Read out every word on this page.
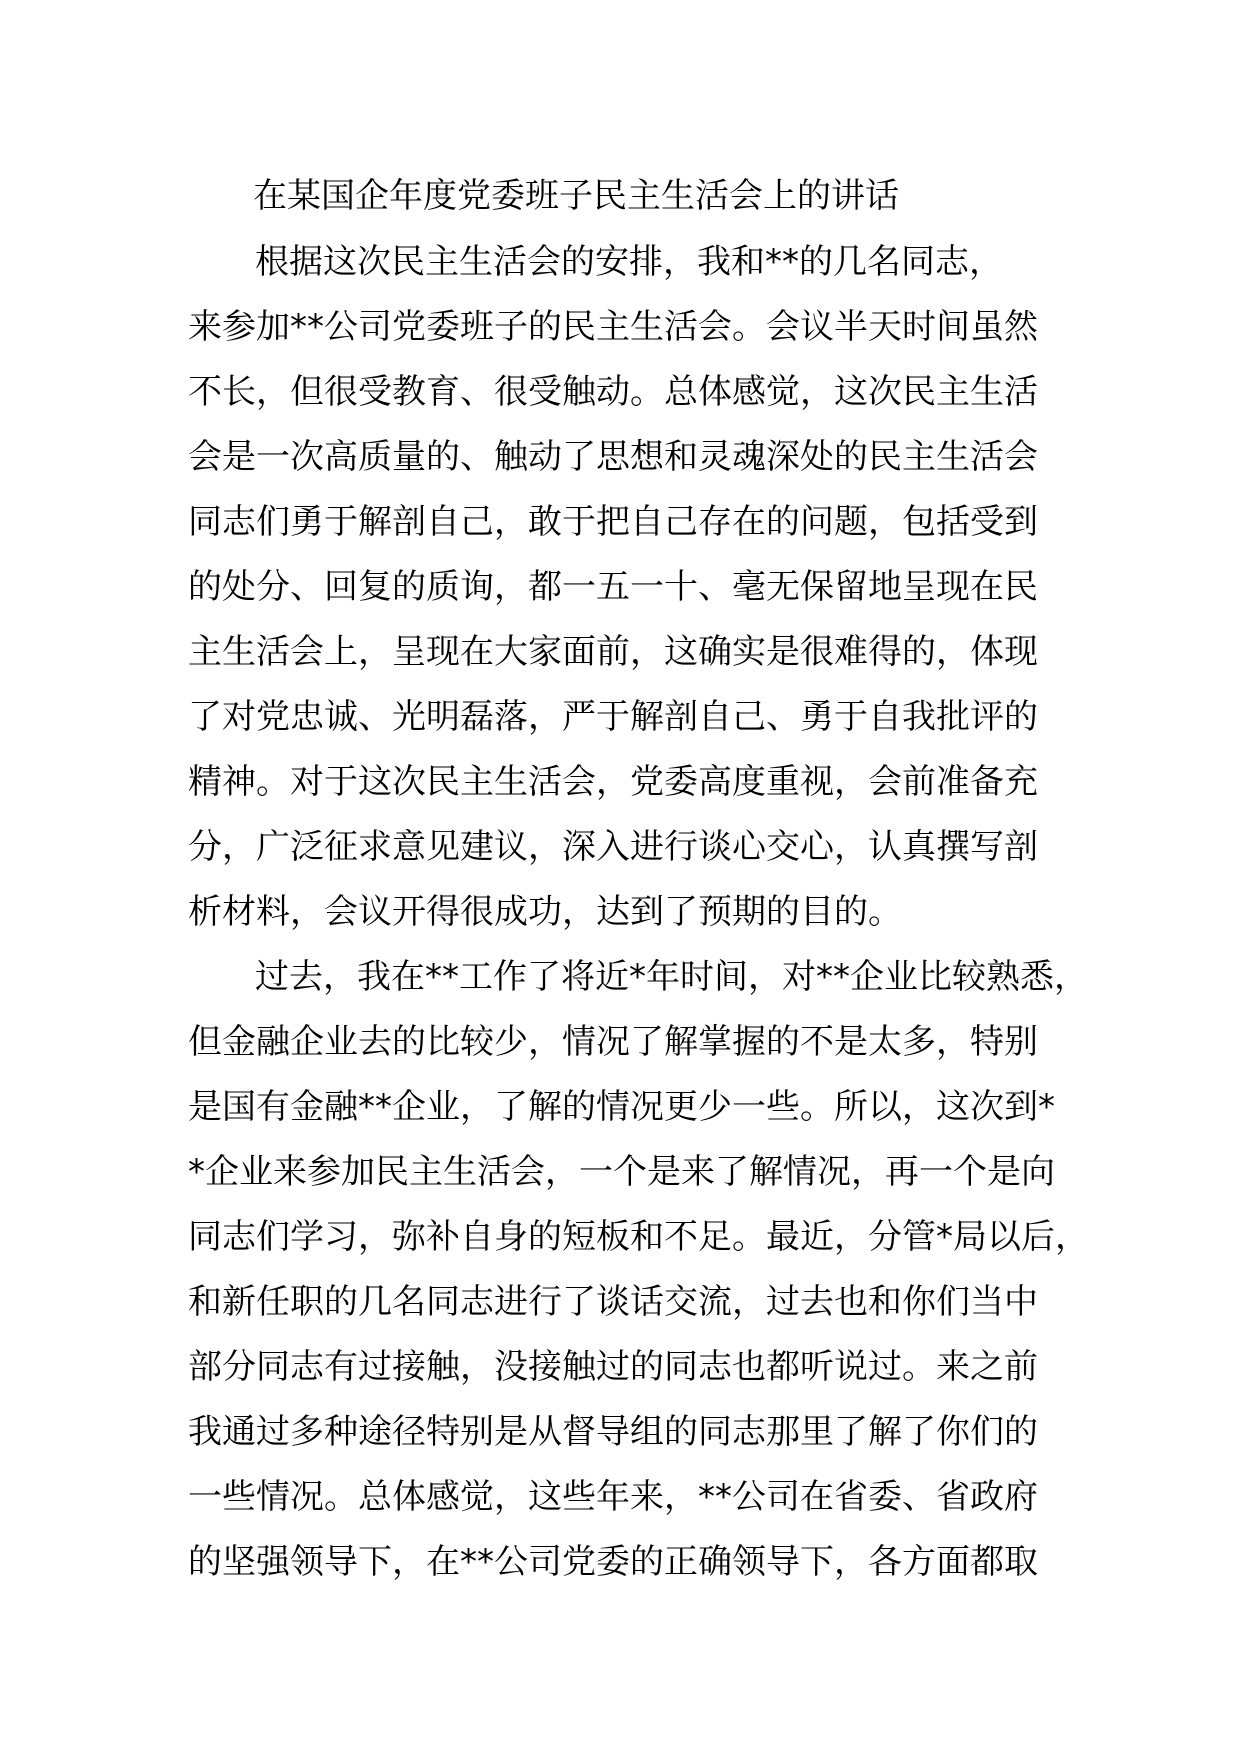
在某国企年度党委班子民主生活会上的讲话

根据这次民主生活会的安排，我和**的几名同志，

来参加**公司党委班子的民主生活会。会议半天时间虽然

不长，但很受教育、很受触动。总体感觉，这次民主生活

会是一次高质量的、触动了思想和灵魂深处的民主生活会

同志们勇于解剖自己，敢于把自己存在的问题，包括受到

的处分、回复的质询，都一五一十、毫无保留地呈现在民

主生活会上，呈现在大家面前，这确实是很难得的，体现

了对党忠诚、光明磊落，严于解剖自己、勇于自我批评的

精神。对于这次民主生活会，党委高度重视，会前准备充

分，广泛征求意见建议，深入进行谈心交心，认真撰写剖

析材料，会议开得很成功，达到了预期的目的。

过去，我在**工作了将近*年时间，对**企业比较熟悉，

但金融企业去的比较少，情况了解掌握的不是太多，特别

是国有金融**企业，了解的情况更少一些。所以，这次到*

*企业来参加民主生活会，一个是来了解情况，再一个是向

同志们学习，弥补自身的短板和不足。最近，分管*局以后，

和新任职的几名同志进行了谈话交流，过去也和你们当中

部分同志有过接触，没接触过的同志也都听说过。来之前

我通过多种途径特别是从督导组的同志那里了解了你们的

一些情况。总体感觉，这些年来，**公司在省委、省政府

的坚强领导下，在**公司党委的正确领导下，各方面都取
